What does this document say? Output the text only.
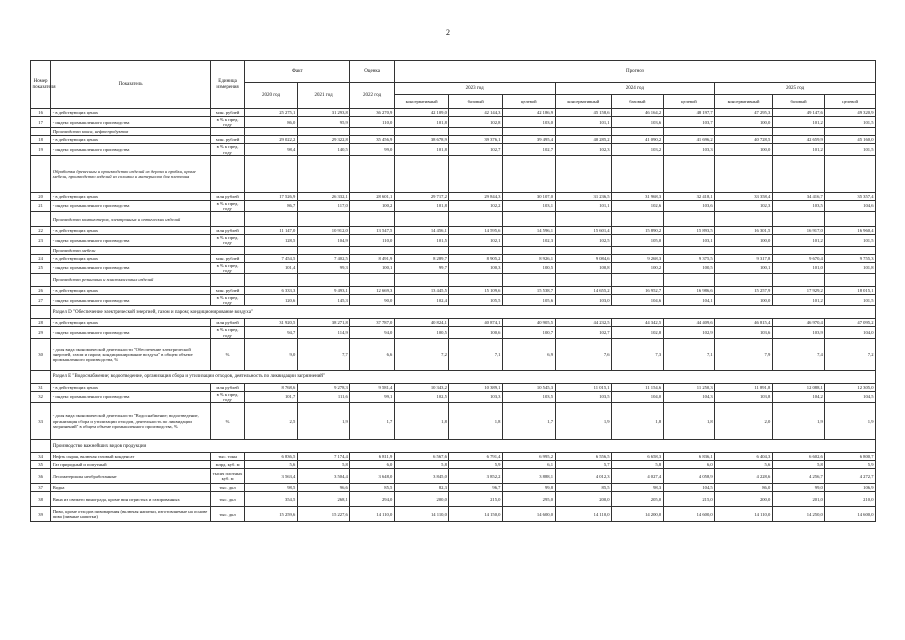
2
Номер показателя	Показатель	Единица измерения	Факт		Оценка	Прогноз								
			2020 год	2021 год	2022 год	2023 год			2024 год			2025 год		
						консервативный	базовый	целевой	консервативный	базовый	целевой	консервативный	базовый	целевой
16	- в действующих ценах	млн. рублей	25 275,1	31 293,8	36 270,9	42 109,0	42 144,3	42 186,9	45 158,6	46 164,2	48 197,7	47 295,3	49 147,6	49 320,9
17	- индекс промышленного производства	в % к пред. году	86,0	95,9	110,0	101,8	102,8	103,0	101,1	103,6	103,7	100,0	101,2	101,5
	Производство кокса, нефтепродуктов													
18	- в действующих ценах	млн. рублей	29 022,2	29 322,8	35 456,9	38 678,9	39 376,1	39 495,4	40 285,2	41 090,2	41 696,2	40 728,5	42 659,9	45 160,0
19	- индекс промышленного производства	в % к пред. году	98,4	140,5	99,0	101,8	102,7	102,7	102,3	103,2	103,3	100,0	101,2	101,5
	Обработка древесины и производство изделий из дерева и пробки, кроме мебели, производство изделий из соломки и материалов для плетения													
20	- в действующих ценах	млн рублей	17 526,9	26 332,1	28 601,1	29 717,2	29 844,3	30 107,0	31 236,5	31 968,3	32 418,1	33 358,4	34 416,7	35 357,4
21	- индекс промышленного производства	в % к пред. году	86,7	117,0	100,2	101,8	102,2	103,1	101,1	102,6	103,6	102,3	103,5	104,6
	Производство компьютеров, электронных и оптических изделий													
22	- в действующих ценах	млн рублей	11 147,0	10 912,0	13 547,5	14 456,1	14 595,6	14 596,1	15 601,4	15 890,2	15 893,5	16 301,5	16 917,0	16 960,4
23	- индекс промышленного производства	в % к пред. году	128,5	104,9	110,0	101,5	102,1	102,3	102,5	105,0	103,1	100,0	101,2	101,5
	Производство мебели													
24	- в действующих ценах	млн. рублей	7 454,5	7 402,5	8 491,9	8 289,7	8 905,2	8 926,1	9 084,6	9 268,3	9 375,5	9 317,8	9 670,4	9 755,3
25	- индекс промышленного производства	в % к пред. году	101,4	99,3	100,1	99,7	100,3	100,5	100,8	100,2	100,5	100,1	101,0	101,8
	Производство резиновых и пластмассовых изделий													
26	- в действующих ценах	млн. рублей	6 333,3	9 493,1	12 669,3	13 445,5	15 109,6	15 538,7	14 655,2	16 952,7	16 986,6	15 257,9	17 929,2	18 015,1
27	- индекс промышленного производства	в % к пред. году	120,6	145,3	90,0	102,4	105,5	105,6	103,0	104,6	104,1	100,0	101,2	101,5
	Раздел D "Обеспечение электрической энергией, газом и паром; кондиционирование воздуха"													
28	- в действующих ценах	млн рублей	31 920,5	38 271,8	37 787,0	40 824,1	40 874,1	40 905,5	44 232,5	44 342,5	44 409,6	46 815,4	46 970,4	47 095,2
29	- индекс промышленного производства	в % к пред. году	94,7	114,9	94,0	100,5	100,6	100,7	102,7	102,8	102,9	103,6	103,9	104,0
30	- доля вида экономической деятельности "Обеспечение электрической энергией, газом и паром; кондиционирование воздуха" в общем объеме промышленного производства, %	%	9,0	7,7	6,6	7,2	7,1	6,9	7,6	7,3	7,1	7,9	7,4	7,2
	Раздел E "Водоснабжение; водоотведение, организация сбора и утилизации отходов, деятельность по ликвидации загрязнений"													
31	- в действующих ценах	млн рублей	8 768,6	9 278,3	9 581,4	10 343,2	10 389,1	10 545,3	11 015,1	11 154,6	11 250,3	11 891,8	12 088,1	12 305,0
32	- индекс промышленного производства	в % к пред. году	101,7	111,6	99,1	102,5	103,3	103,5	103,5	104,0	104,3	103,8	104,2	104,5
33	- доля вида экономической деятельности "Водоснабжение; водоотведение, организация сбора и утилизации отходов, деятельность по ликвидации загрязнений" в общем объеме промышленного производства, %	%	2,5	1,9	1,7	1,8	1,8	1,7	1,9	1,8	1,8	2,0	1,9	1,9
	Производство важнейших видов продукции													
34	Нефть сырая, включая газовый конденсат	тыс. тонн	6 836,5	7 174,4	6 811,9	6 567,6	6 791,4	6 995,2	6 556,5	6 658,3	6 836,1	6 404,3	6 602,6	6 800,7
35	Газ природный и попутный	млрд. куб. м	5,6	5,8	6,0	5,8	5,9	6,1	5,7	5,8	6,0	5,6	5,8	5,9
36	Лесоматериалы необработанные	тысяч плотных куб. м	3 563,4	3 504,4	3 648,0	3 845,0	3 852,2	3 888,1	4 012,3	4 027,4	4 058,9	4 228,6	4 256,7	4 272,7
37	Водка	тыс. дкл	98,5	96,6	85,5	82,3	96,7	99,8	85,5	98,3	104,5	86,0	99,0	106,9
38	Вина из свежего винограда, кроме вин игристых и газированных	тыс. дкл	354,5	268,1	294,0	200,0	215,0	295,0	200,0	205,0	215,0	200,0	201,0	210,0
39	Пиво, кроме отходов пивоварения (включая напитки, изготовляемые на основе пива (пивные напитки)	тыс. дкл	15 259,6	15 227,6	14 110,0	14 110,0	14 150,0	14 600,0	14 110,0	14 200,0	14 600,0	14 110,0	14 250,0	14 600,0
